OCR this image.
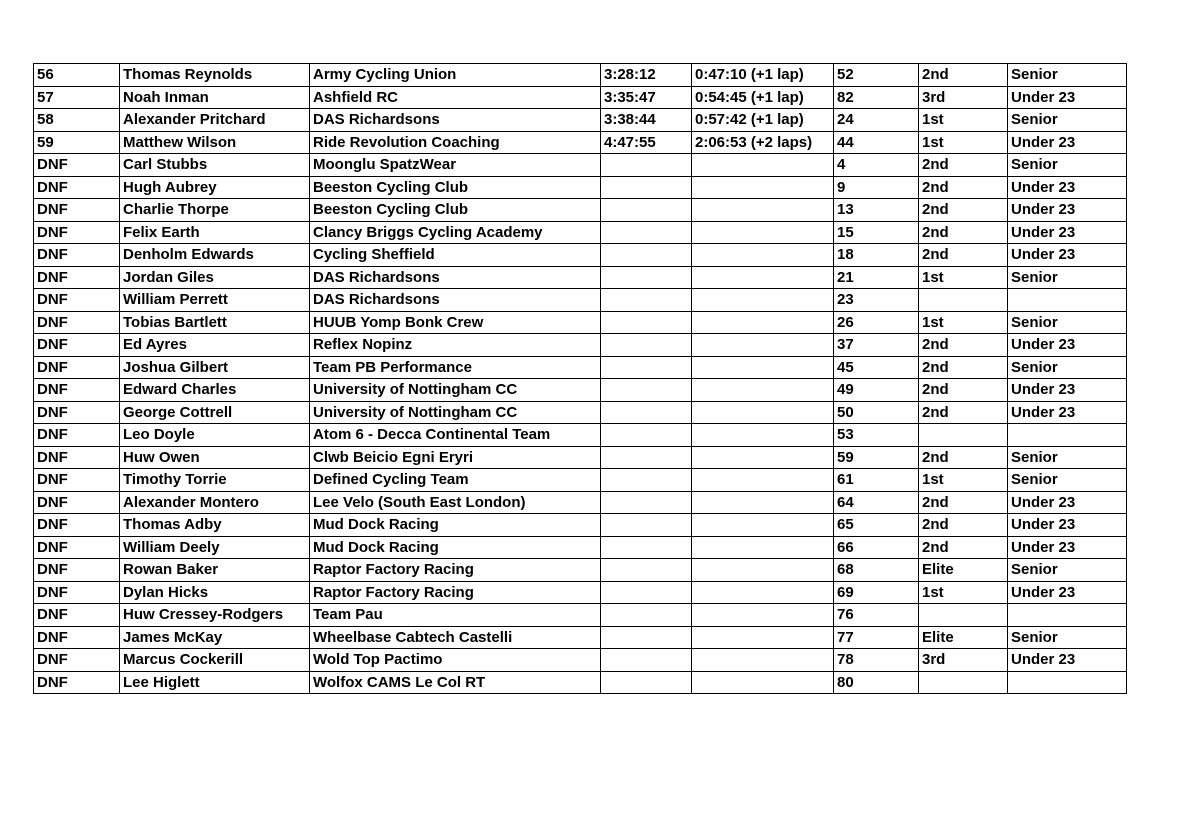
56	Thomas Reynolds	Army Cycling Union	3:28:12	0:47:10 (+1 lap)	52	2nd	Senior
57	Noah Inman	Ashfield RC	3:35:47	0:54:45 (+1 lap)	82	3rd	Under 23
58	Alexander Pritchard	DAS Richardsons	3:38:44	0:57:42 (+1 lap)	24	1st	Senior
59	Matthew Wilson	Ride Revolution Coaching	4:47:55	2:06:53 (+2 laps)	44	1st	Under 23
DNF	Carl Stubbs	Moonglu SpatzWear			4	2nd	Senior
DNF	Hugh Aubrey	Beeston Cycling Club			9	2nd	Under 23
DNF	Charlie Thorpe	Beeston Cycling Club			13	2nd	Under 23
DNF	Felix Earth	Clancy Briggs Cycling Academy			15	2nd	Under 23
DNF	Denholm Edwards	Cycling Sheffield			18	2nd	Under 23
DNF	Jordan Giles	DAS Richardsons			21	1st	Senior
DNF	William Perrett	DAS Richardsons			23		
DNF	Tobias Bartlett	HUUB Yomp Bonk Crew			26	1st	Senior
DNF	Ed Ayres	Reflex Nopinz			37	2nd	Under 23
DNF	Joshua Gilbert	Team PB Performance			45	2nd	Senior
DNF	Edward Charles	University of Nottingham CC			49	2nd	Under 23
DNF	George Cottrell	University of Nottingham CC			50	2nd	Under 23
DNF	Leo Doyle	Atom 6 - Decca Continental Team			53		
DNF	Huw Owen	Clwb Beicio Egni Eryri			59	2nd	Senior
DNF	Timothy Torrie	Defined Cycling Team			61	1st	Senior
DNF	Alexander Montero	Lee Velo (South East London)			64	2nd	Under 23
DNF	Thomas Adby	Mud Dock Racing			65	2nd	Under 23
DNF	William Deely	Mud Dock Racing			66	2nd	Under 23
DNF	Rowan Baker	Raptor Factory Racing			68	Elite	Senior
DNF	Dylan Hicks	Raptor Factory Racing			69	1st	Under 23
DNF	Huw Cressey-Rodgers	Team Pau			76		
DNF	James McKay	Wheelbase Cabtech Castelli			77	Elite	Senior
DNF	Marcus Cockerill	Wold Top Pactimo			78	3rd	Under 23
DNF	Lee Higlett	Wolfox CAMS Le Col RT			80		
